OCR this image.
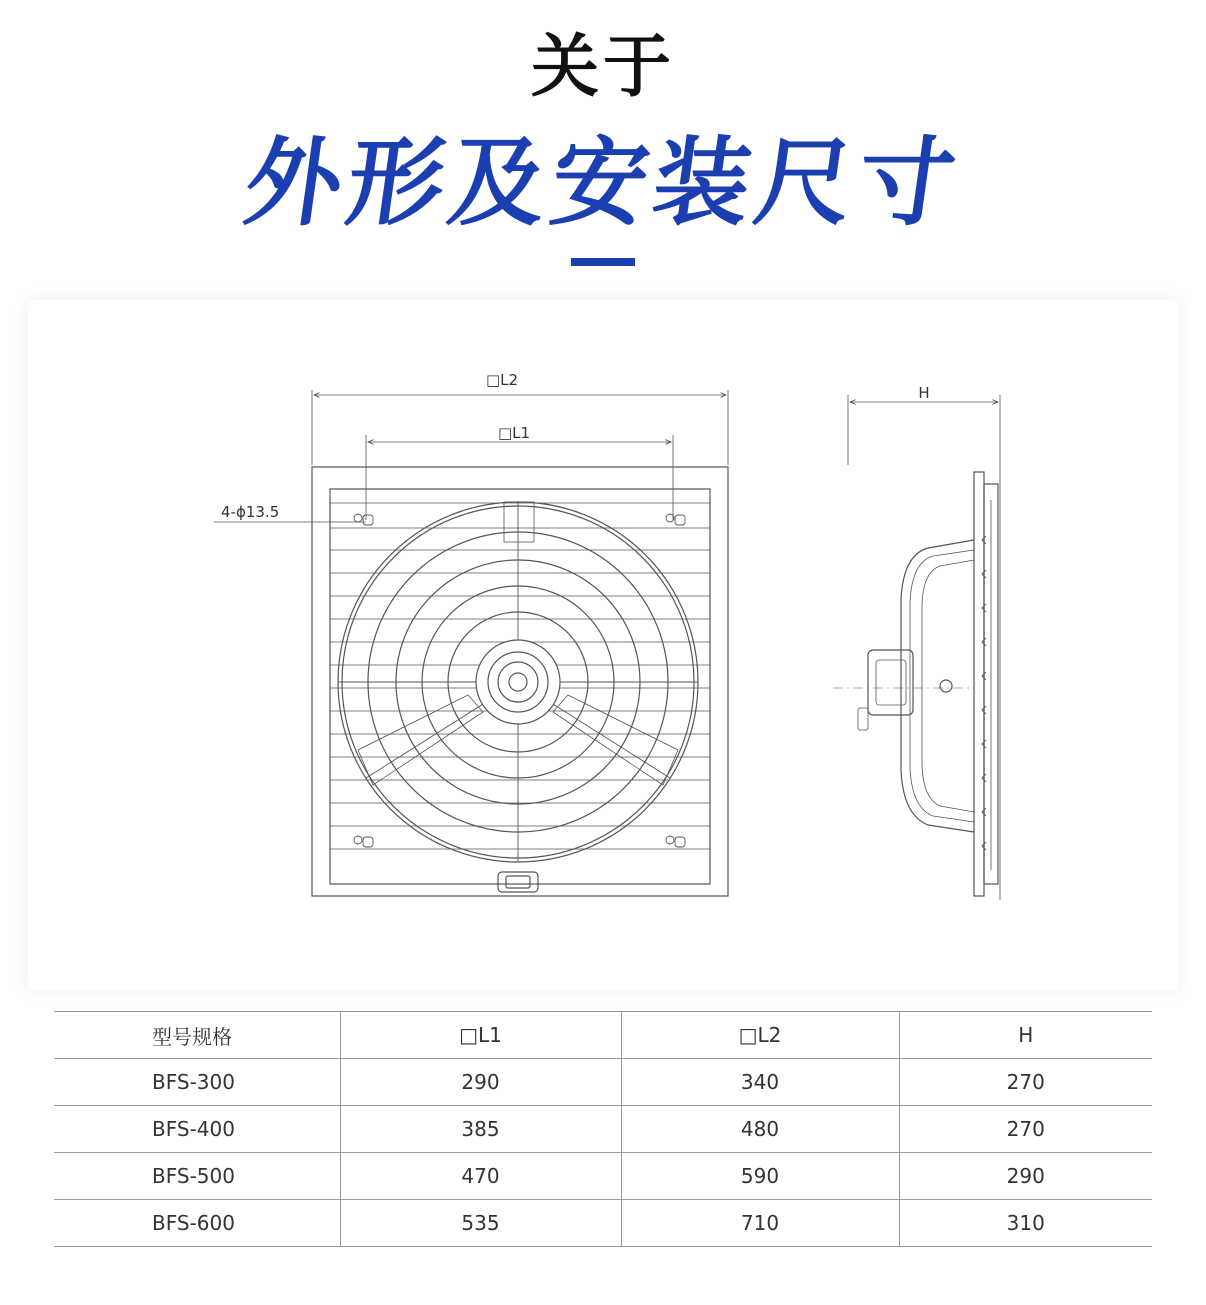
关于
外形及安装尺寸
□L2
□L1
4-ϕ13.5
H
型号规格	□L1	□L2	H
BFS-300	290	340	270
BFS-400	385	480	270
BFS-500	470	590	290
BFS-600	535	710	310
